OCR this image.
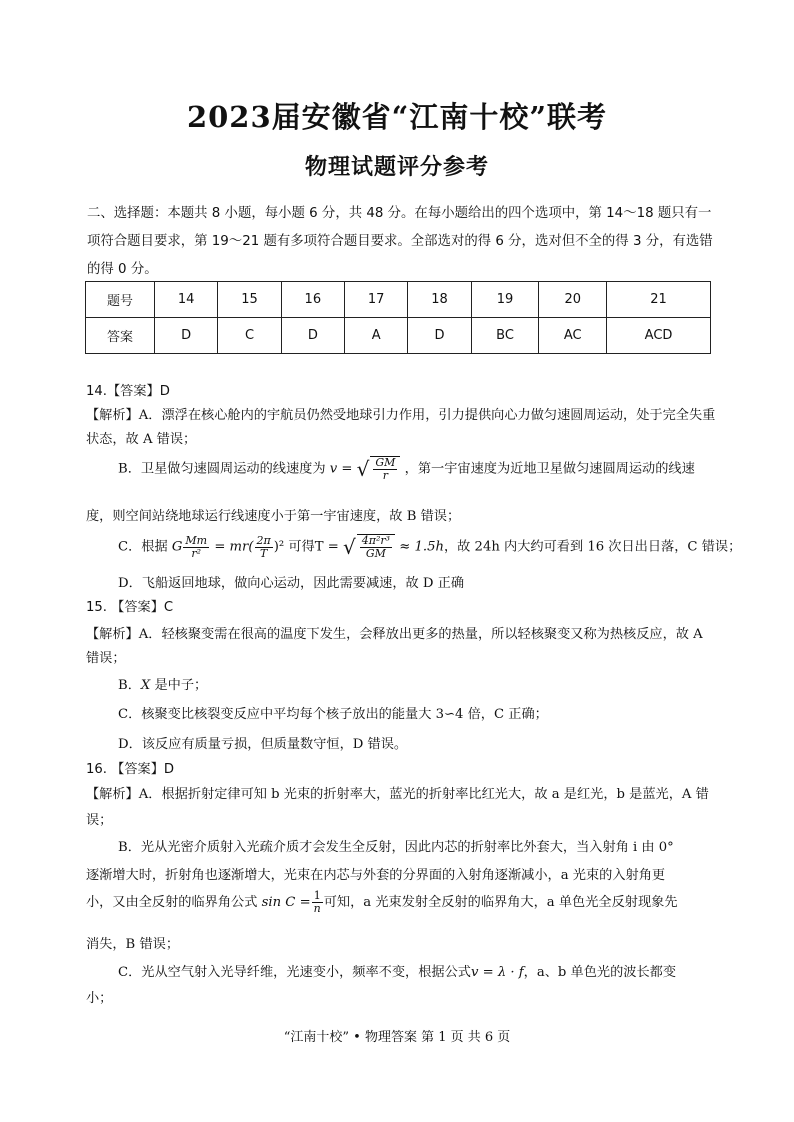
2023届安徽省“江南十校”联考
物理试题评分参考
二、选择题：本题共 8 小题，每小题 6 分，共 48 分。在每小题给出的四个选项中，第 14～18 题只有一项符合题目要求，第 19～21 题有多项符合题目要求。全部选对的得 6 分，选对但不全的得 3 分，有选错的得 0 分。
题号	14	15	16	17	18	19	20	21
答案	D	C	D	A	D	BC	AC	ACD
14.【答案】D
【解析】A．漂浮在核心舱内的宇航员仍然受地球引力作用，引力提供向心力做匀速圆周运动，处于完全失重状态，故 A 错误；
B．卫星做匀速圆周运动的线速度为 v = √ $\frac{GM}{r}$ ，第一宇宙速度为近地卫星做匀速圆周运动的线速
度，则空间站绕地球运行线速度小于第一宇宙速度，故 B 错误；
C．根据 G $\frac{Mm}{\text{r²}} = mr( \frac{2\pi}{T} )^2$ 可得T = √ $\frac{\text{4π²r³}}{GM} \approx 1.5h$，故 24h 内大约可看到 16 次日出日落，C 错误；
D．飞船返回地球，做向心运动，因此需要减速，故 D 正确
15. 【答案】C
【解析】A．轻核聚变需在很高的温度下发生，会释放出更多的热量，所以轻核聚变又称为热核反应，故 A 错误；
B．X 是中子；
C．核聚变比核裂变反应中平均每个核子放出的能量大 3∽4 倍，C 正确；
D．该反应有质量亏损，但质量数守恒，D 错误。
16. 【答案】D
【解析】A．根据折射定律可知 b 光束的折射率大，蓝光的折射率比红光大，故 a 是红光，b 是蓝光，A 错误；
B．光从光密介质射入光疏介质才会发生全反射，因此内芯的折射率比外套大，当入射角 i 由 0°
逐渐增大时，折射角也逐渐增大，光束在内芯与外套的分界面的入射角逐渐减小，a 光束的入射角更
小，又由全反射的临界角公式 $\sin C = \frac{1}{n}$ 可知，a 光束发射全反射的临界角大，a 单色光全反射现象先
消失，B 错误；
C．光从空气射入光导纤维，光速变小，频率不变，根据公式v = λ · f，a、b 单色光的波长都变
小；
“江南十校” • 物理答案 第 1 页 共 6 页
